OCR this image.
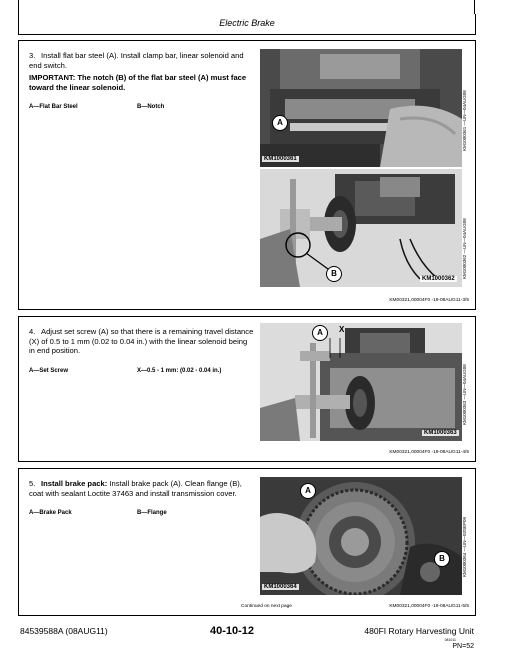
Electric Brake
3. Install flat bar steel (A). Install clamp bar, linear solenoid and end switch.
IMPORTANT: The notch (B) of the flat bar steel (A) must face toward the linear solenoid.
A—Flat Bar Steel	B—Notch
A
KM1000361
KM1000361 —UN—04AUG08
B
KM1000362	KM1000362 —UN—04AUG08
KM00321,00004F0 -19-08AUG11-3/5
4. Adjust set screw (A) so that there is a remaining travel distance (X) of 0.5 to 1 mm (0.02 to 0.04 in.) with the linear solenoid being in end position.
A—Set Screw	X—0.5 - 1 mm: (0.02 - 0.04 in.)
A	X
KM1000363
KM1000363 —UN—04AUG08
KM00321,00004F0 -19-08AUG11-4/5
5. Install brake pack: Install brake pack (A). Clean flange (B), coat with sealant Loctite 37463 and install transmission cover.
A—Brake Pack	B—Flange
A
B
KM1000364
KM1000364 —UN—03SEP09
Continued on next page	KM00321,00004F0 -19-08AUG11-5/5
84539588A (08AUG11)	40-10-12	480FI Rotary Harvesting Unit
081011
PN=52
